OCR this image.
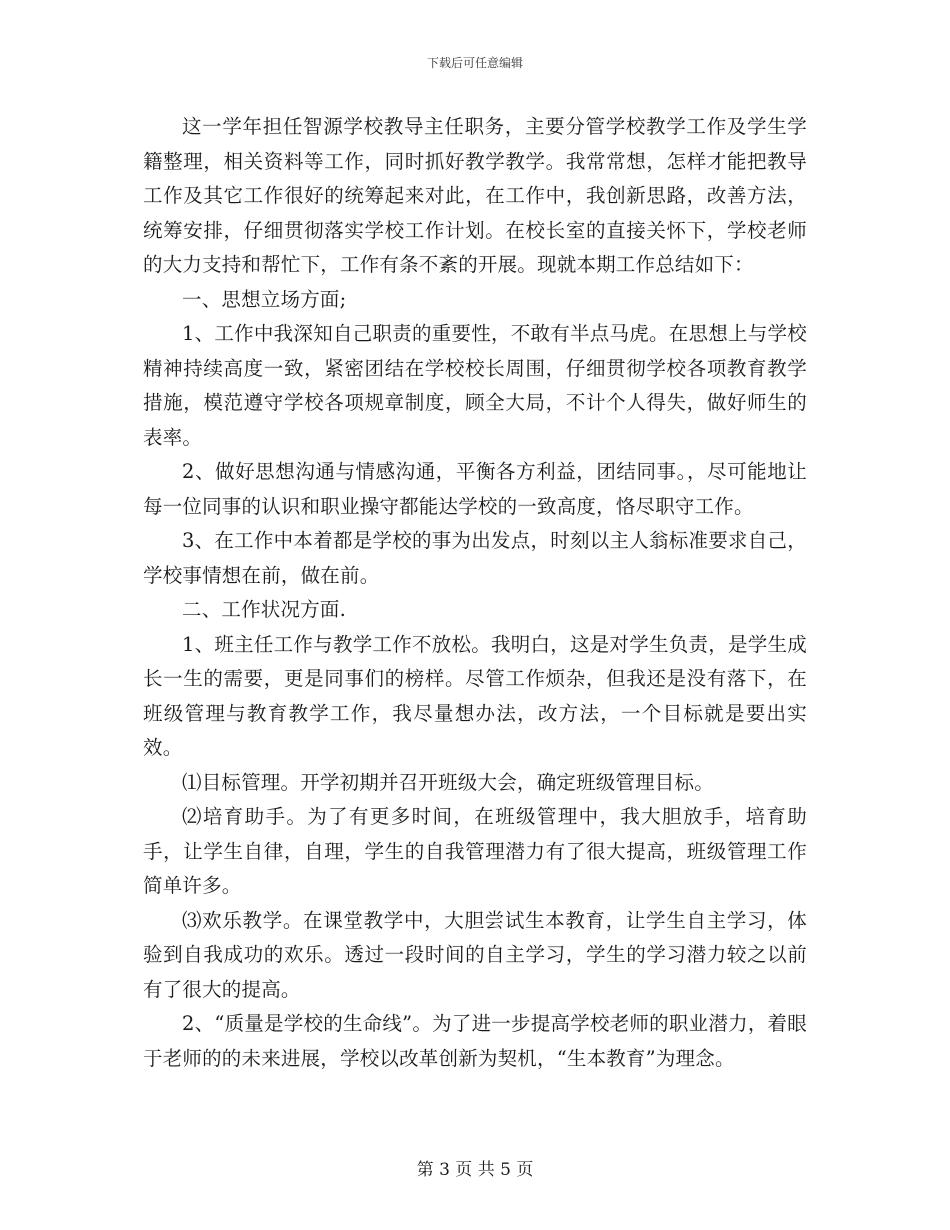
下载后可任意编辑

这一学年担任智源学校教导主任职务，主要分管学校教学工作及学生学籍整理，相关资料等工作，同时抓好教学教学。我常常想，怎样才能把教导工作及其它工作很好的统筹起来对此，在工作中，我创新思路，改善方法，统筹安排，仔细贯彻落实学校工作计划。在校长室的直接关怀下，学校老师的大力支持和帮忙下，工作有条不紊的开展。现就本期工作总结如下：

一、思想立场方面;

1、工作中我深知自己职责的重要性，不敢有半点马虎。在思想上与学校精神持续高度一致，紧密团结在学校校长周围，仔细贯彻学校各项教育教学措施，模范遵守学校各项规章制度，顾全大局，不计个人得失，做好师生的表率。

2、做好思想沟通与情感沟通，平衡各方利益，团结同事。，尽可能地让每一位同事的认识和职业操守都能达学校的一致高度，恪尽职守工作。

3、在工作中本着都是学校的事为出发点，时刻以主人翁标准要求自己，学校事情想在前，做在前。

二、工作状况方面.

1、班主任工作与教学工作不放松。我明白，这是对学生负责，是学生成长一生的需要，更是同事们的榜样。尽管工作烦杂，但我还是没有落下，在班级管理与教育教学工作，我尽量想办法，改方法，一个目标就是要出实效。

⑴目标管理。开学初期并召开班级大会，确定班级管理目标。

⑵培育助手。为了有更多时间，在班级管理中，我大胆放手，培育助手，让学生自律，自理，学生的自我管理潜力有了很大提高，班级管理工作简单许多。

⑶欢乐教学。在课堂教学中，大胆尝试生本教育，让学生自主学习，体验到自我成功的欢乐。透过一段时间的自主学习，学生的学习潜力较之以前有了很大的提高。

2、“质量是学校的生命线”。为了进一步提高学校老师的职业潜力，着眼于老师的的未来进展，学校以改革创新为契机，“生本教育”为理念。

第 3 页 共 5 页
